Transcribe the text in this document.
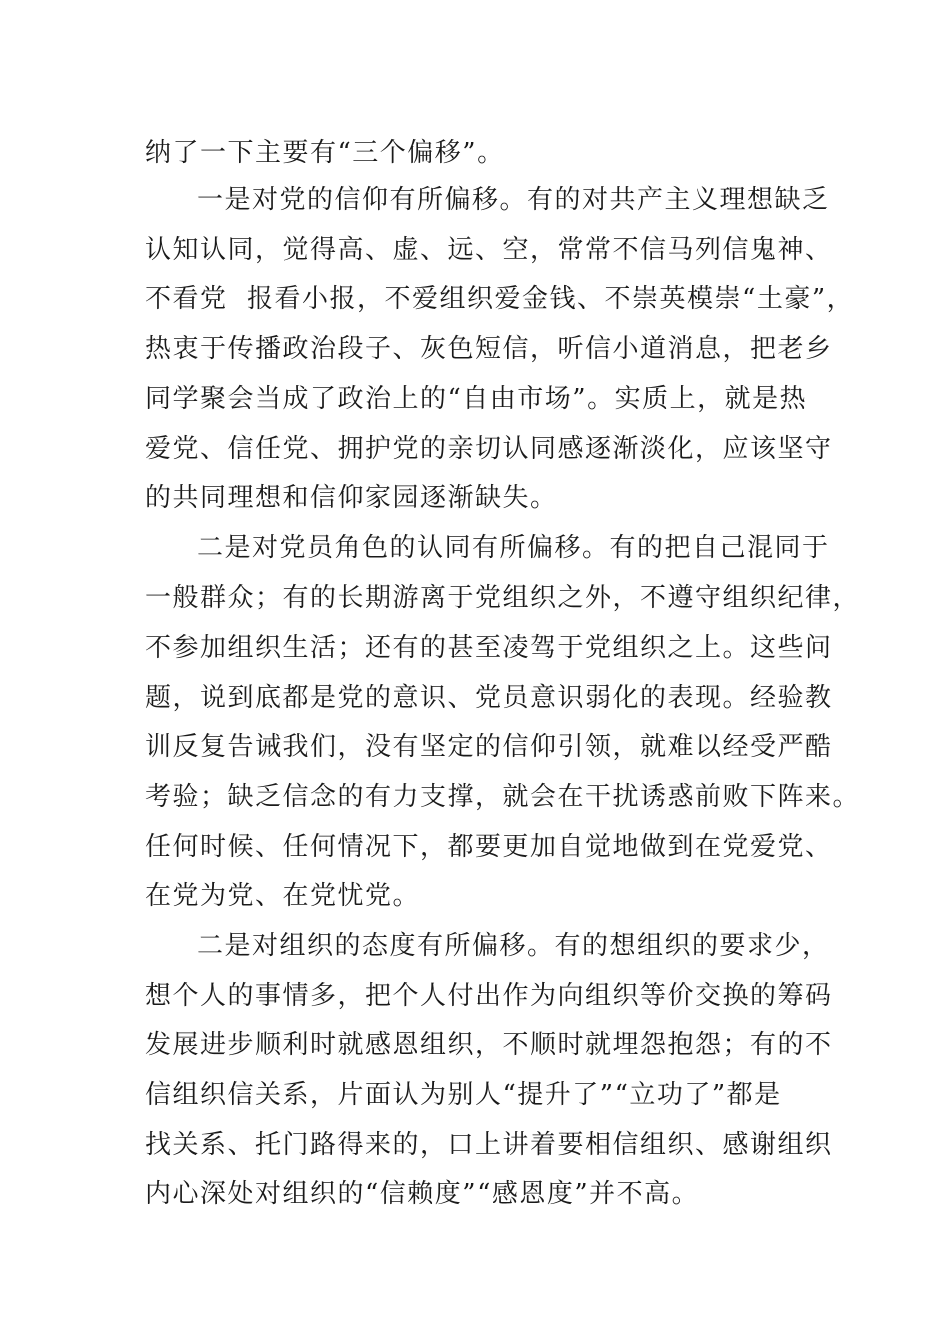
纳了一下主要有“三个偏移”。
一是对党的信仰有所偏移。有的对共产主义理想缺乏
认知认同，觉得高、虚、远、空，常常不信马列信鬼神、
不看党  报看小报，不爱组织爱金钱、不崇英模崇“土豪”，
热衷于传播政治段子、灰色短信，听信小道消息，把老乡
同学聚会当成了政治上的“自由市场”。实质上，就是热
爱党、信任党、拥护党的亲切认同感逐渐淡化，应该坚守
的共同理想和信仰家园逐渐缺失。
二是对党员角色的认同有所偏移。有的把自己混同于
一般群众；有的长期游离于党组织之外，不遵守组织纪律，
不参加组织生活；还有的甚至凌驾于党组织之上。这些问
题，说到底都是党的意识、党员意识弱化的表现。经验教
训反复告诫我们，没有坚定的信仰引领，就难以经受严酷
考验；缺乏信念的有力支撑，就会在干扰诱惑前败下阵来。
任何时候、任何情况下，都要更加自觉地做到在党爱党、
在党为党、在党忧党。
二是对组织的态度有所偏移。有的想组织的要求少，
想个人的事情多，把个人付出作为向组织等价交换的筹码
发展进步顺利时就感恩组织，不顺时就埋怨抱怨；有的不
信组织信关系，片面认为别人“提升了”“立功了”都是
找关系、托门路得来的，口上讲着要相信组织、感谢组织
内心深处对组织的“信赖度”“感恩度”并不高。
